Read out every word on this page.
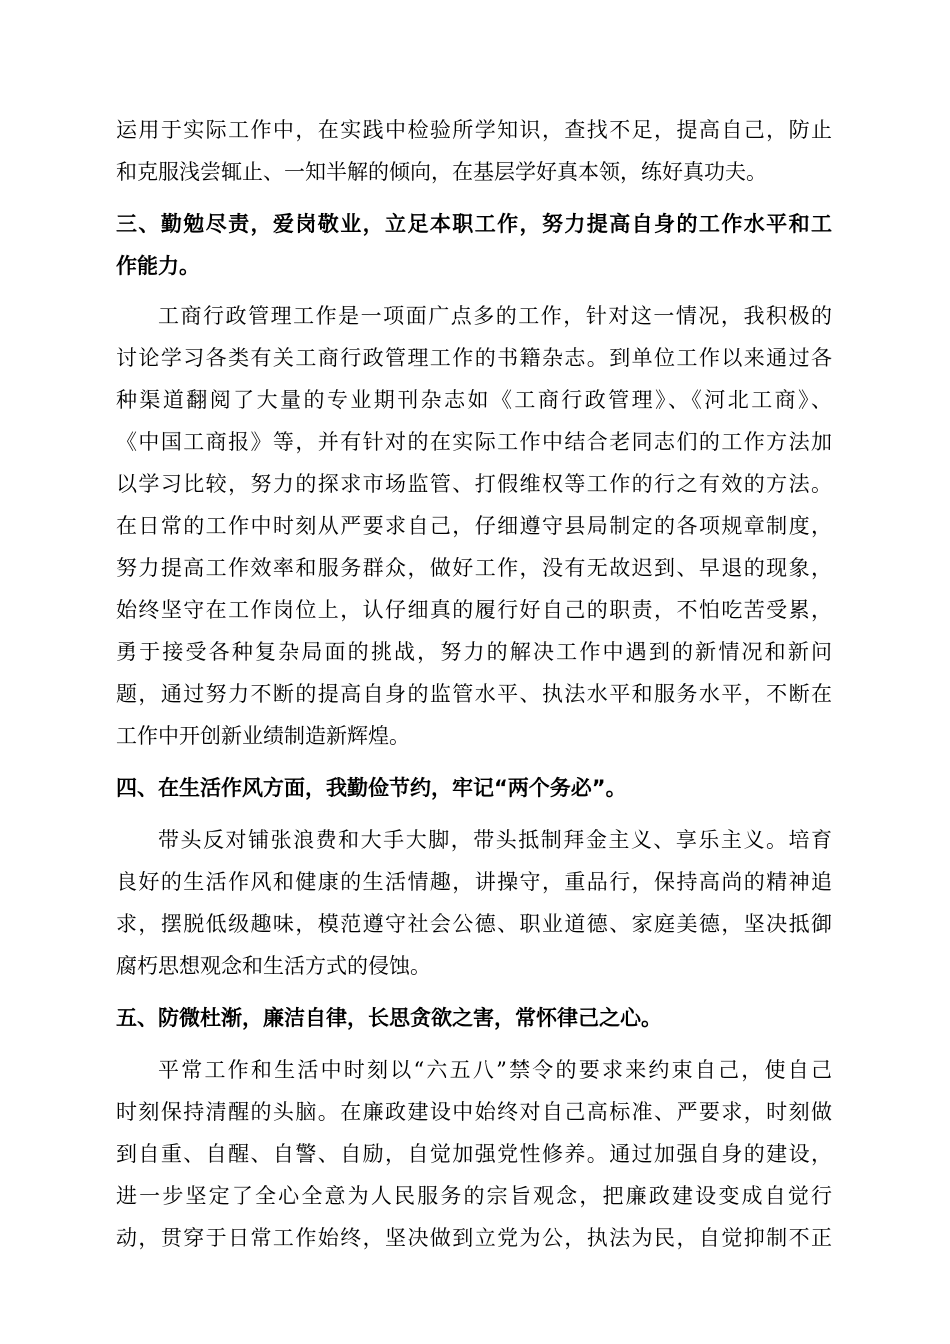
运用于实际工作中，在实践中检验所学知识，查找不足，提高自己，防止
和克服浅尝辄止、一知半解的倾向，在基层学好真本领，练好真功夫。
三、勤勉尽责，爱岗敬业，立足本职工作，努力提高自身的工作水平和工
作能力。
工商行政管理工作是一项面广点多的工作，针对这一情况，我积极的
讨论学习各类有关工商行政管理工作的书籍杂志。到单位工作以来通过各
种渠道翻阅了大量的专业期刊杂志如《工商行政管理》、《河北工商》、
《中国工商报》等，并有针对的在实际工作中结合老同志们的工作方法加
以学习比较，努力的探求市场监管、打假维权等工作的行之有效的方法。
在日常的工作中时刻从严要求自己，仔细遵守县局制定的各项规章制度，
努力提高工作效率和服务群众，做好工作，没有无故迟到、早退的现象，
始终坚守在工作岗位上，认仔细真的履行好自己的职责，不怕吃苦受累，
勇于接受各种复杂局面的挑战，努力的解决工作中遇到的新情况和新问
题，通过努力不断的提高自身的监管水平、执法水平和服务水平，不断在
工作中开创新业绩制造新辉煌。
四、在生活作风方面，我勤俭节约，牢记“两个务必”。
带头反对铺张浪费和大手大脚，带头抵制拜金主义、享乐主义。培育
良好的生活作风和健康的生活情趣，讲操守，重品行，保持高尚的精神追
求，摆脱低级趣味，模范遵守社会公德、职业道德、家庭美德，坚决抵御
腐朽思想观念和生活方式的侵蚀。
五、防微杜渐，廉洁自律，长思贪欲之害，常怀律己之心。
平常工作和生活中时刻以“六五八”禁令的要求来约束自己，使自己
时刻保持清醒的头脑。在廉政建设中始终对自己高标准、严要求，时刻做
到自重、自醒、自警、自励，自觉加强党性修养。通过加强自身的建设，
进一步坚定了全心全意为人民服务的宗旨观念，把廉政建设变成自觉行
动，贯穿于日常工作始终，坚决做到立党为公，执法为民，自觉抑制不正
